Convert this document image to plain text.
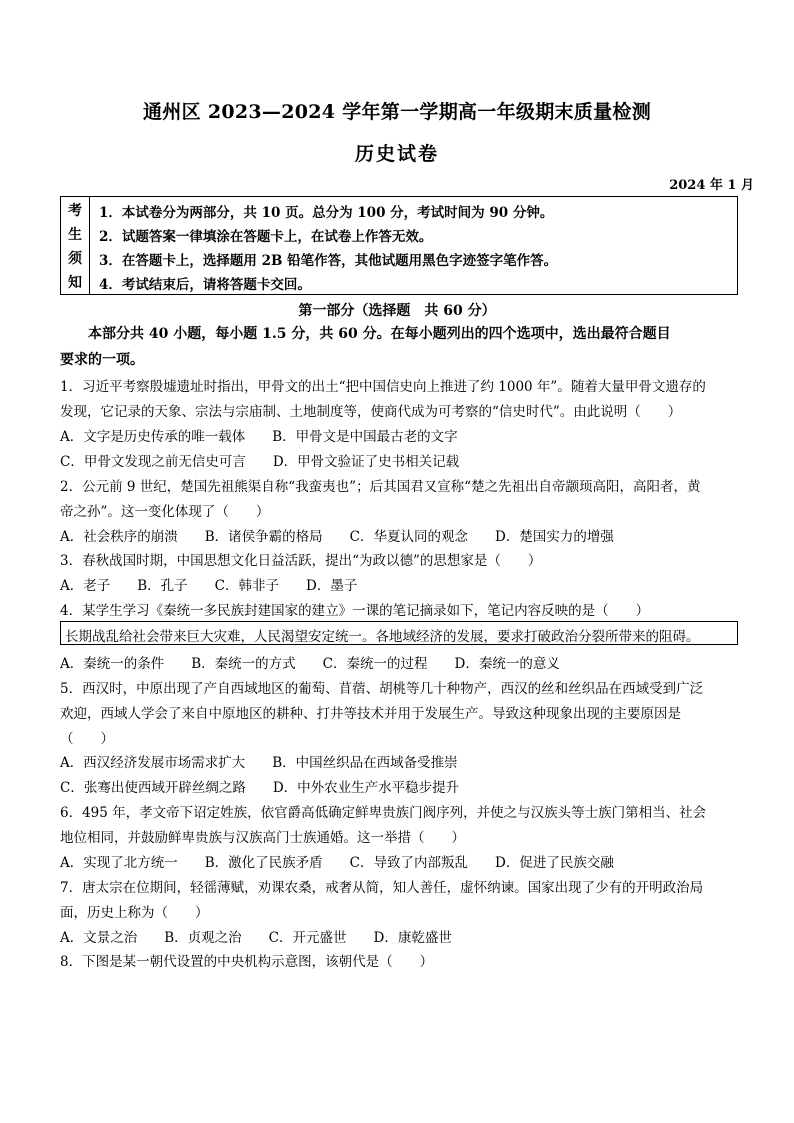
通州区 2023—2024 学年第一学期高一年级期末质量检测
历史试卷
2024 年 1 月
考
生
须
知
1．本试卷分为两部分，共 10 页。总分为 100 分，考试时间为 90 分钟。
2．试题答案一律填涂在答题卡上，在试卷上作答无效。
3．在答题卡上，选择题用 2B 铅笔作答，其他试题用黑色字迹签字笔作答。
4．考试结束后，请将答题卡交回。
第一部分（选择题　共 60 分）
　　本部分共 40 小题，每小题 1.5 分，共 60 分。在每小题列出的四个选项中，选出最符合题目
要求的一项。
1．习近平考察殷墟遗址时指出，甲骨文的出土“把中国信史向上推进了约 1000 年”。随着大量甲骨文遗存的
发现，它记录的天象、宗法与宗庙制、土地制度等，使商代成为可考察的“信史时代”。由此说明（　　）
A．文字是历史传承的唯一载体　　B．甲骨文是中国最古老的文字
C．甲骨文发现之前无信史可言　　D．甲骨文验证了史书相关记载
2．公元前 9 世纪，楚国先祖熊渠自称“我蛮夷也”；后其国君又宣称“楚之先祖出自帝颛顼高阳，高阳者，黄
帝之孙”。这一变化体现了（　　）
A．社会秩序的崩溃　　B．诸侯争霸的格局　　C．华夏认同的观念　　D．楚国实力的增强
3．春秋战国时期，中国思想文化日益活跃，提出“为政以德”的思想家是（　　）
A．老子　　B．孔子　　C．韩非子　　D．墨子
4．某学生学习《秦统一多民族封建国家的建立》一课的笔记摘录如下，笔记内容反映的是（　　）
长期战乱给社会带来巨大灾难，人民渴望安定统一。各地域经济的发展，要求打破政治分裂所带来的阻碍。
A．秦统一的条件　　B．秦统一的方式　　C．秦统一的过程　　D．秦统一的意义
5．西汉时，中原出现了产自西域地区的葡萄、苜蓿、胡桃等几十种物产，西汉的丝和丝织品在西域受到广泛
欢迎，西域人学会了来自中原地区的耕种、打井等技术并用于发展生产。导致这种现象出现的主要原因是
（　　）
A．西汉经济发展市场需求扩大　　B．中国丝织品在西域备受推崇
C．张骞出使西域开辟丝绸之路　　D．中外农业生产水平稳步提升
6．495 年，孝文帝下诏定姓族，依官爵高低确定鲜卑贵族门阀序列，并使之与汉族头等士族门第相当、社会
地位相同，并鼓励鲜卑贵族与汉族高门士族通婚。这一举措（　　）
A．实现了北方统一　　B．激化了民族矛盾　　C．导致了内部叛乱　　D．促进了民族交融
7．唐太宗在位期间，轻徭薄赋，劝课农桑，戒奢从简，知人善任，虚怀纳谏。国家出现了少有的开明政治局
面，历史上称为（　　）
A．文景之治　　B．贞观之治　　C．开元盛世　　D．康乾盛世
8．下图是某一朝代设置的中央机构示意图，该朝代是（　　）
